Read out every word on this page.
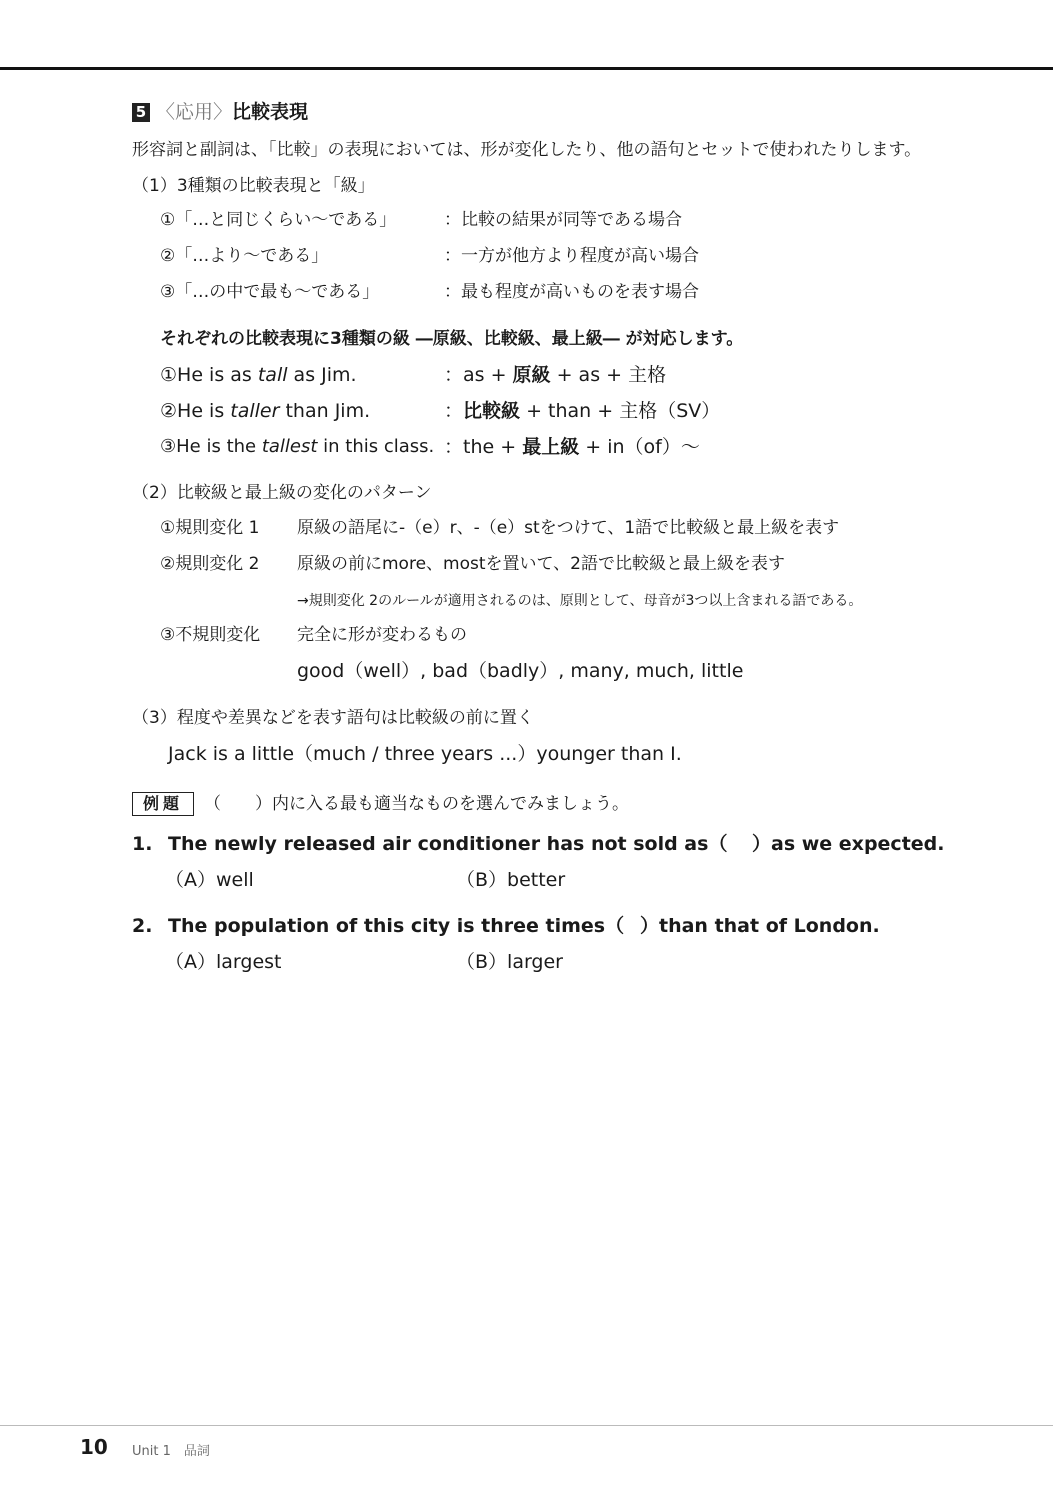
5 〈応用〉比較表現
形容詞と副詞は、「比較」の表現においては、形が変化したり、他の語句とセットで使われたりします。
（1）3種類の比較表現と「級」
①「…と同じくらい～である」	：比較の結果が同等である場合
②「…より～である」	：一方が他方より程度が高い場合
③「…の中で最も～である」	：最も程度が高いものを表す場合
それぞれの比較表現に3種類の級 ―原級、比較級、最上級― が対応します。
①He is as tall as Jim.	：as + 原級 + as + 主格
②He is taller than Jim.	：比較級 + than + 主格（SV）
③He is the tallest in this class. ：the + 最上級 + in（of）～
（2）比較級と最上級の変化のパターン
①規則変化 1 原級の語尾に-（e）r、-（e）stをつけて、1語で比較級と最上級を表す
②規則変化 2 原級の前にmore、mostを置いて、2語で比較級と最上級を表す
→規則変化 2のルールが適用されるのは、原則として、母音が3つ以上含まれる語である。
③不規則変化 完全に形が変わるもの
good（well）, bad（badly）, many, much, little
（3）程度や差異などを表す語句は比較級の前に置く
Jack is a little（much / three years ...）younger than I.
例題	（　　）内に入る最も適当なものを選んでみましょう。
1. The newly released air conditioner has not sold as（ ）as we expected.
（A）well	（B）better
2. The population of this city is three times（ ）than that of London.
（A）largest	（B）larger
10 Unit 1　品詞
